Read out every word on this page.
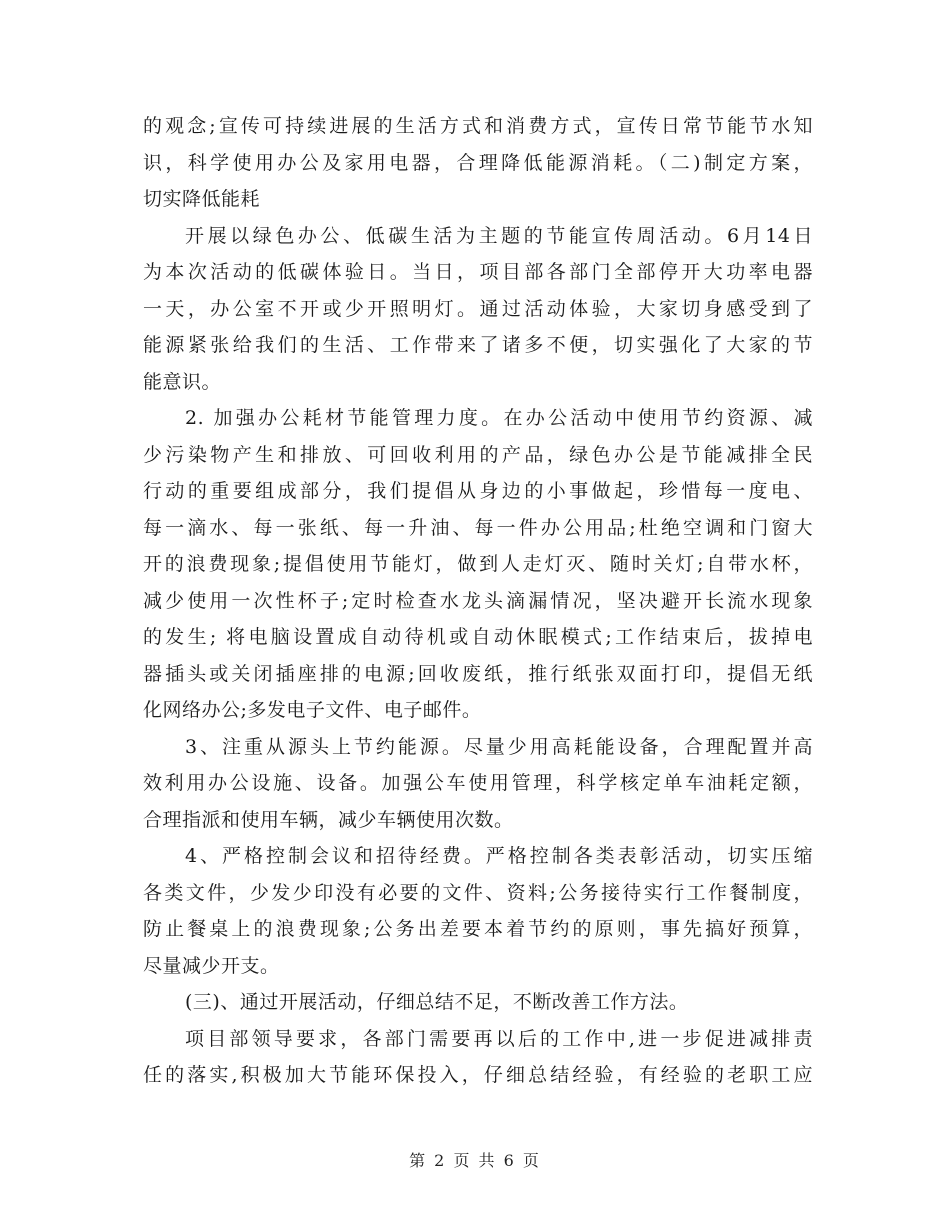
的观念;宣传可持续进展的生活方式和消费方式，宣传日常节能节水知
识，科学使用办公及家用电器，合理降低能源消耗。（二)制定方案，
切实降低能耗
开展以绿色办公、低碳生活为主题的节能宣传周活动。6月14日
为本次活动的低碳体验日。当日，项目部各部门全部停开大功率电器
一天，办公室不开或少开照明灯。通过活动体验，大家切身感受到了
能源紧张给我们的生活、工作带来了诸多不便，切实强化了大家的节
能意识。
2. 加强办公耗材节能管理力度。在办公活动中使用节约资源、减
少污染物产生和排放、可回收利用的产品，绿色办公是节能减排全民
行动的重要组成部分，我们提倡从身边的小事做起，珍惜每一度电、
每一滴水、每一张纸、每一升油、每一件办公用品;杜绝空调和门窗大
开的浪费现象;提倡使用节能灯，做到人走灯灭、随时关灯;自带水杯，
减少使用一次性杯子;定时检查水龙头滴漏情况，坚决避开长流水现象
的发生; 将电脑设置成自动待机或自动休眠模式;工作结束后，拔掉电
器插头或关闭插座排的电源;回收废纸，推行纸张双面打印，提倡无纸
化网络办公;多发电子文件、电子邮件。
3、注重从源头上节约能源。尽量少用高耗能设备，合理配置并高
效利用办公设施、设备。加强公车使用管理，科学核定单车油耗定额，
合理指派和使用车辆，减少车辆使用次数。
4、严格控制会议和招待经费。严格控制各类表彰活动，切实压缩
各类文件，少发少印没有必要的文件、资料;公务接待实行工作餐制度，
防止餐桌上的浪费现象;公务出差要本着节约的原则，事先搞好预算，
尽量减少开支。
(三)、通过开展活动，仔细总结不足，不断改善工作方法。
项目部领导要求，各部门需要再以后的工作中,进一步促进减排责
任的落实,积极加大节能环保投入，仔细总结经验，有经验的老职工应
第 2 页 共 6 页
